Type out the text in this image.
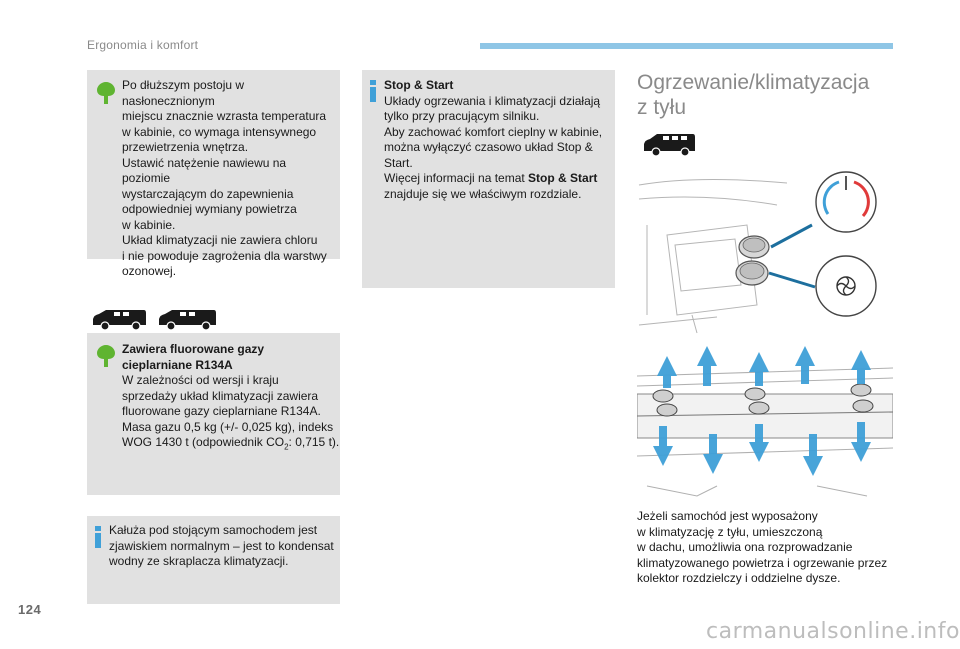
Ergonomia i komfort

Po dłuższym postoju w nasłonecznionym

miejscu znacznie wzrasta temperatura

w kabinie, co wymaga intensywnego

przewietrzenia wnętrza.

Ustawić natężenie nawiewu na poziomie

wystarczającym do zapewnienia

odpowiedniej wymiany powietrza

w kabinie.

Układ klimatyzacji nie zawiera chloru

i nie powoduje zagrożenia dla warstwy

ozonowej.

Stop & Start

Układy ogrzewania i klimatyzacji działają

tylko przy pracującym silniku.

Aby zachować komfort cieplny w kabinie,

można wyłączyć czasowo układ Stop &

Start.

Więcej informacji na temat Stop & Start

znajduje się we właściwym rozdziale.

Zawiera fluorowane gazy

cieplarniane R134A

W zależności od wersji i kraju

sprzedaży układ klimatyzacji zawiera

fluorowane gazy cieplarniane R134A.

Masa gazu 0,5 kg (+/- 0,025 kg), indeks

WOG 1430 t (odpowiednik $CO_2$: 0,715 t).

Kałuża pod stojącym samochodem jest

zjawiskiem normalnym – jest to kondensat

wodny ze skraplacza klimatyzacji.

Ogrzewanie/klimatyzacja
z tyłu

Jeżeli samochód jest wyposażony

w klimatyzację z tyłu, umieszczoną

w dachu, umożliwia ona rozprowadzanie

klimatyzowanego powietrza i ogrzewanie przez

kolektor rozdzielczy i oddzielne dysze.

124
carmanualsonline.info
